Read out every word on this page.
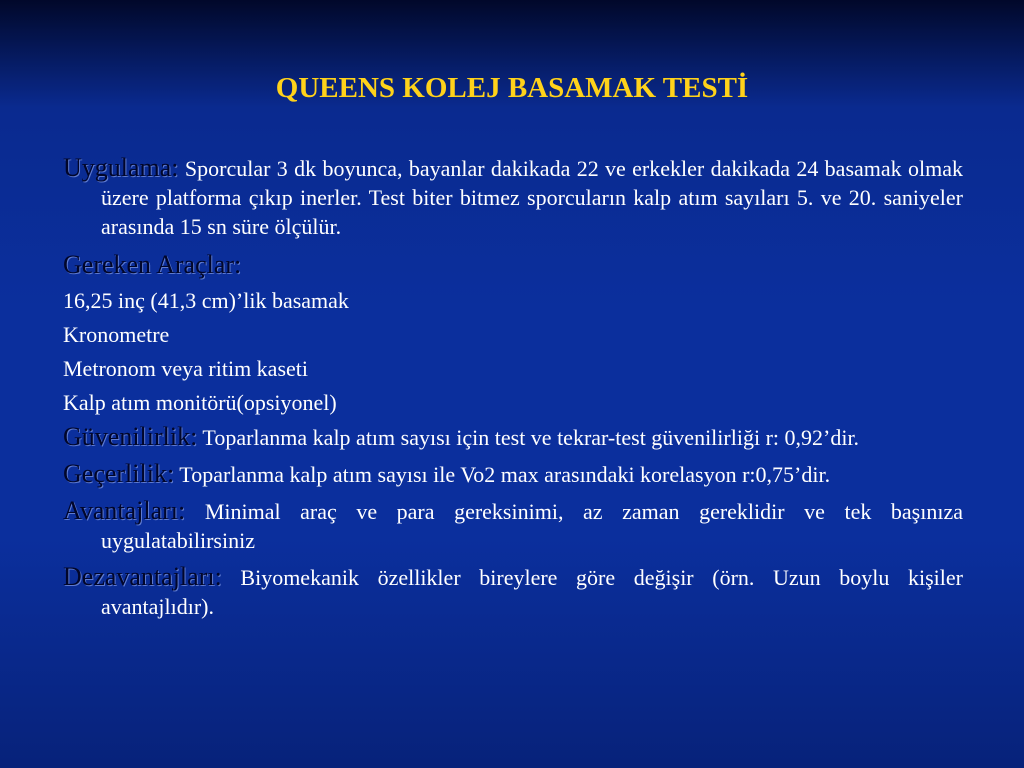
QUEENS KOLEJ BASAMAK TESTİ

Uygulama: Sporcular 3 dk boyunca, bayanlar dakikada 22 ve erkekler dakikada 24 basamak olmak üzere platforma çıkıp inerler. Test biter bitmez sporcuların kalp atım sayıları 5. ve 20. saniyeler arasında 15 sn süre ölçülür.

Gereken Araçlar:

16,25 inç (41,3 cm)’lik basamak

Kronometre

Metronom veya ritim kaseti

Kalp atım monitörü(opsiyonel)

Güvenilirlik: Toparlanma kalp atım sayısı için test ve tekrar-test güvenilirliği r: 0,92’dir.

Geçerlilik: Toparlanma kalp atım sayısı ile Vo2 max arasındaki korelasyon r:0,75’dir.

Avantajları: Minimal araç ve para gereksinimi, az zaman gereklidir ve tek başınıza uygulatabilirsiniz

Dezavantajları: Biyomekanik özellikler bireylere göre değişir (örn. Uzun boylu kişiler avantajlıdır).
